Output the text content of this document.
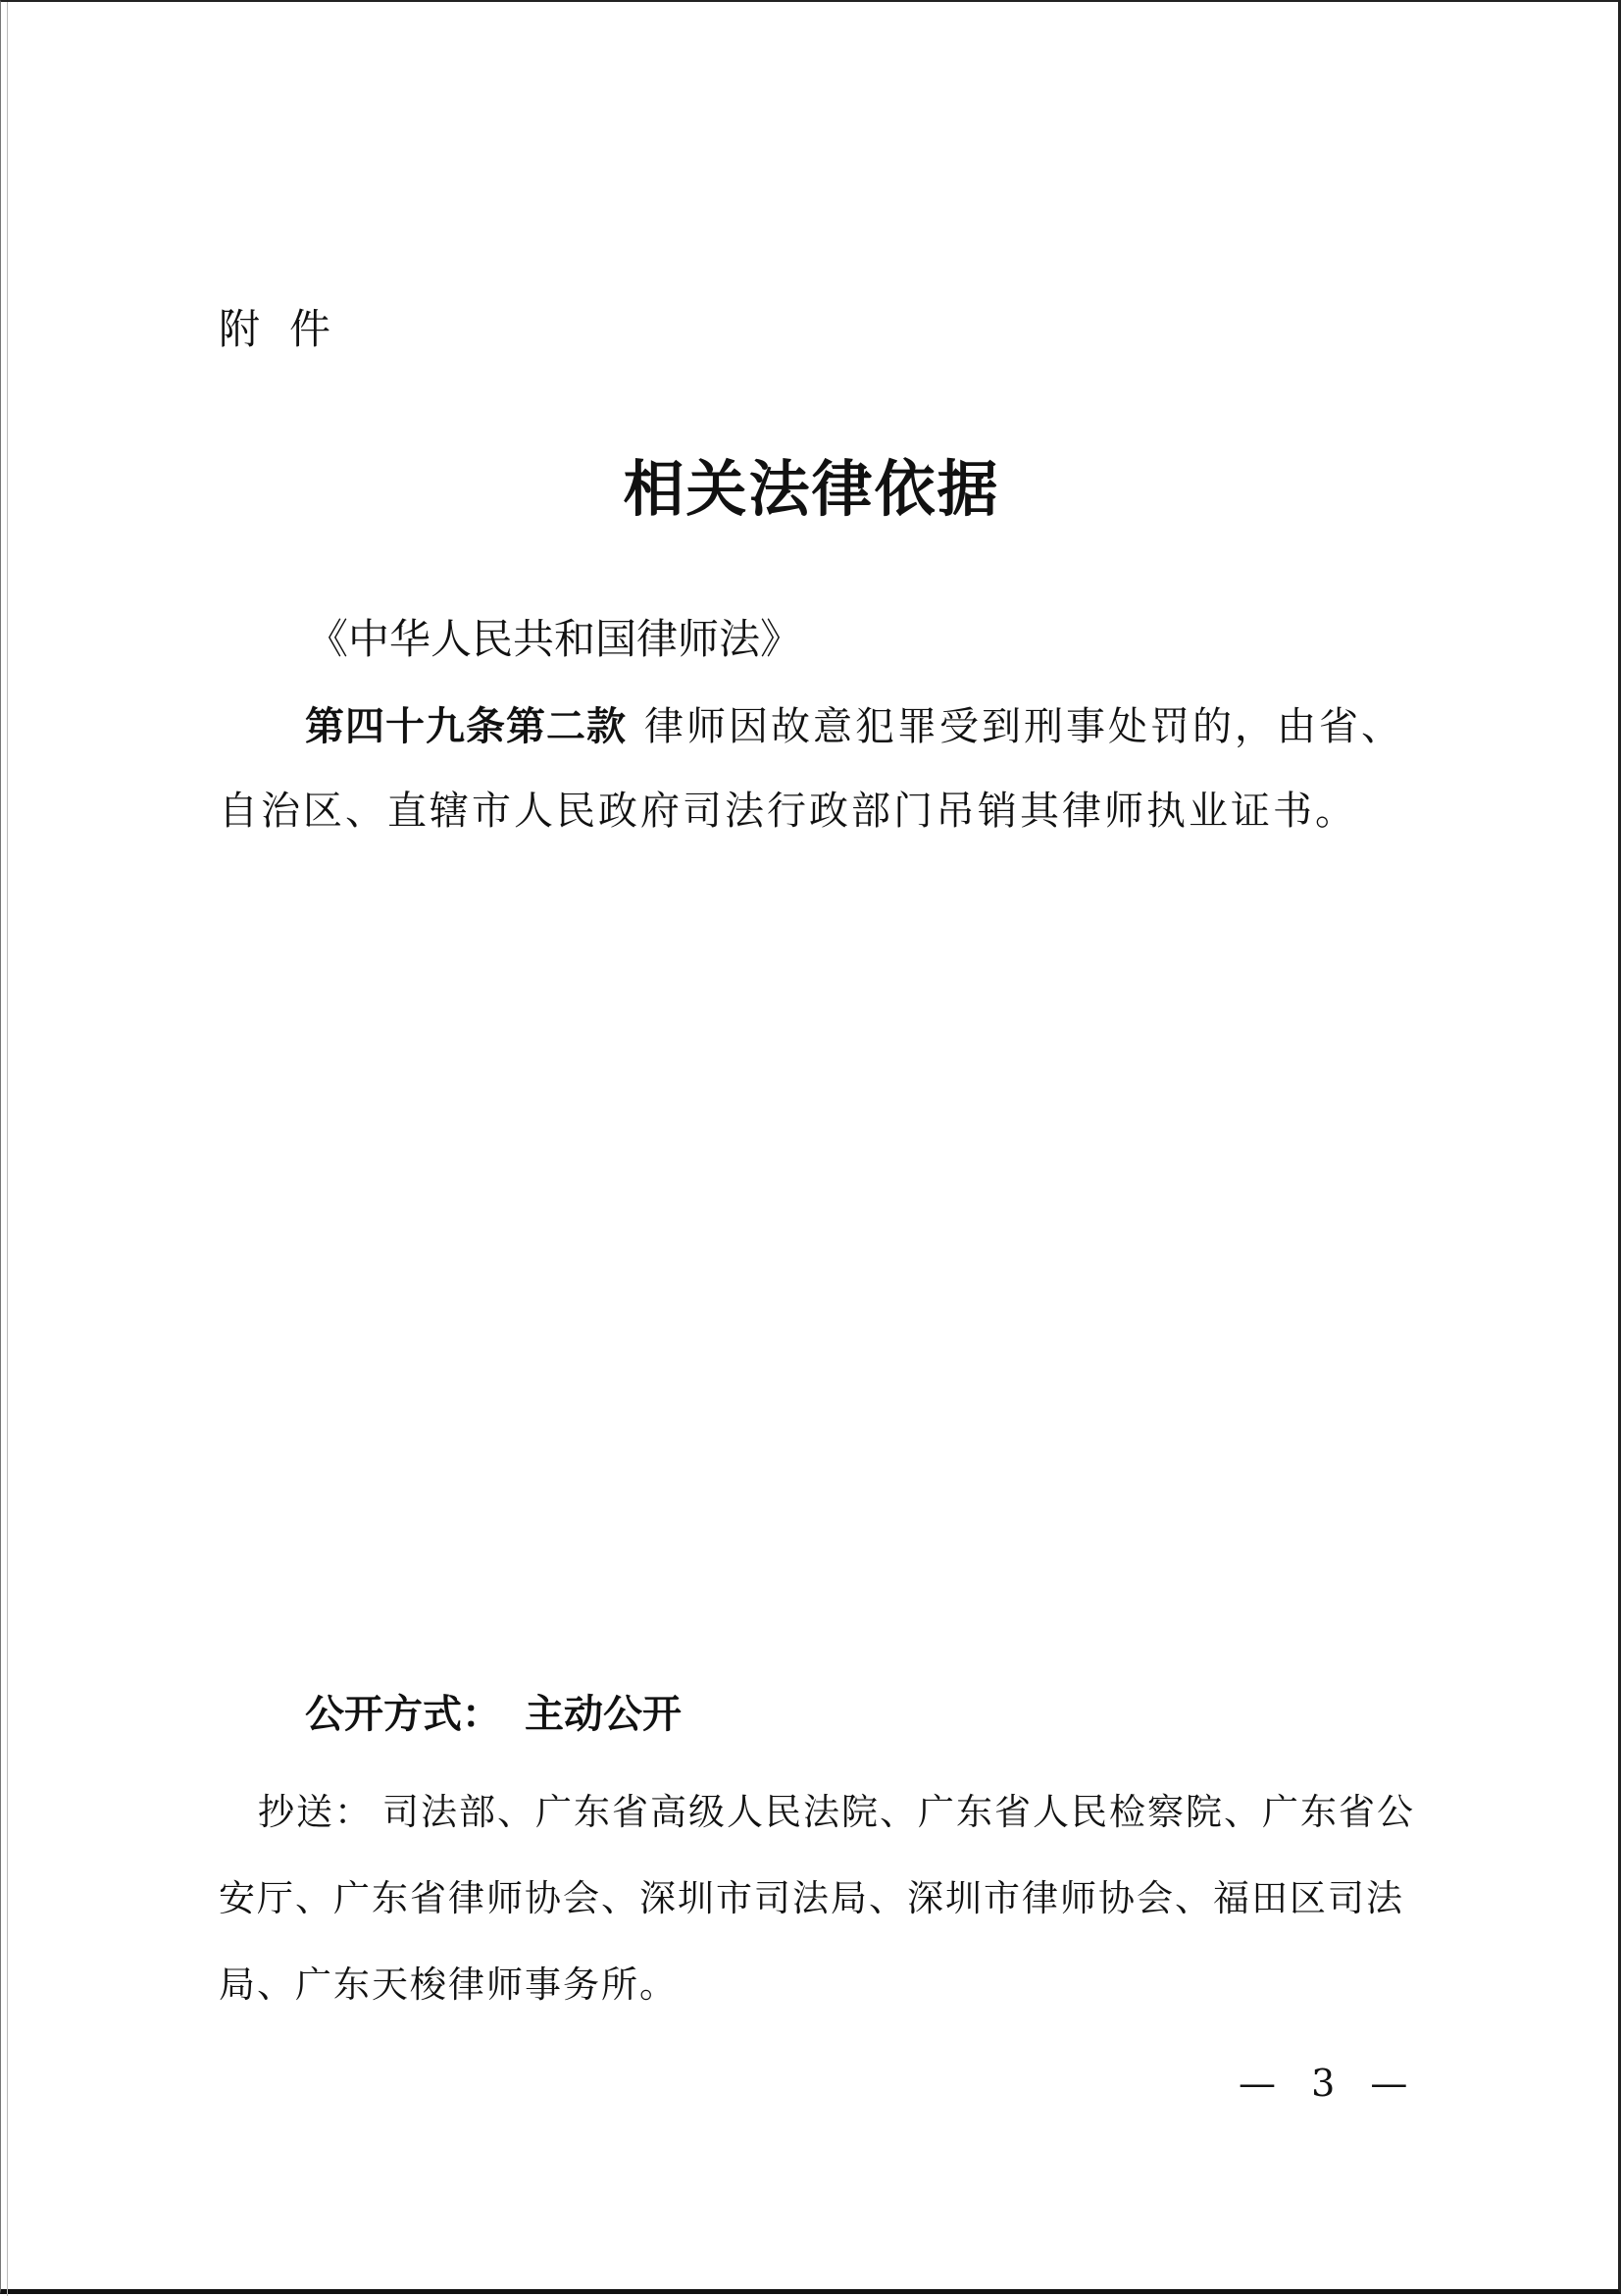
附件
相关法律依据
《中华人民共和国律师法》
第四十九条第二款 律师因故意犯罪受到刑事处罚的，由省、自治区、直辖市人民政府司法行政部门吊销其律师执业证书。
公开方式： 主动公开
抄送： 司法部、广东省高级人民法院、广东省人民检察院、广东省公安厅、广东省律师协会、深圳市司法局、深圳市律师协会、福田区司法局、广东天梭律师事务所。
— 3 —
